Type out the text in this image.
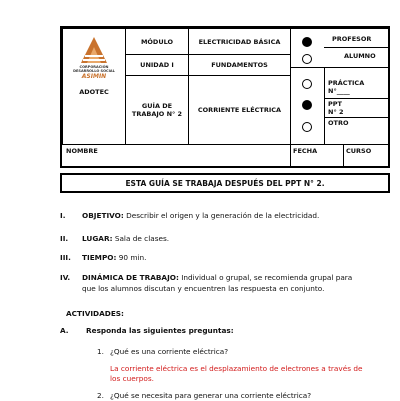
CORPORACIÓN
DESARROLLO SOCIAL
ASIMIN
ADOTEC
MÓDULO	ELECTRICIDAD BÁSICA
UNIDAD I	FUNDAMENTOS
GUÍA DE
TRABAJO N° 2	CORRIENTE ELÉCTRICA
PROFESOR
ALUMNO
PRÁCTICA
N°____
PPT
N° 2
OTRO
NOMBRE	FECHA	CURSO
ESTA GUÍA SE TRABAJA DESPUÉS DEL PPT N° 2.
I. OBJETIVO: Describir el origen y la generación de la electricidad.
II. LUGAR: Sala de clases.
III. TIEMPO: 90 min.
IV. DINÁMICA DE TRABAJO: Individual o grupal, se recomienda grupal para
que los alumnos discutan y encuentren las respuesta en conjunto.
ACTIVIDADES:
A. Responda las siguientes preguntas:
1. ¿Qué es una corriente eléctrica?
La corriente eléctrica es el desplazamiento de electrones a través de
los cuerpos.
2. ¿Qué se necesita para generar una corriente eléctrica?
